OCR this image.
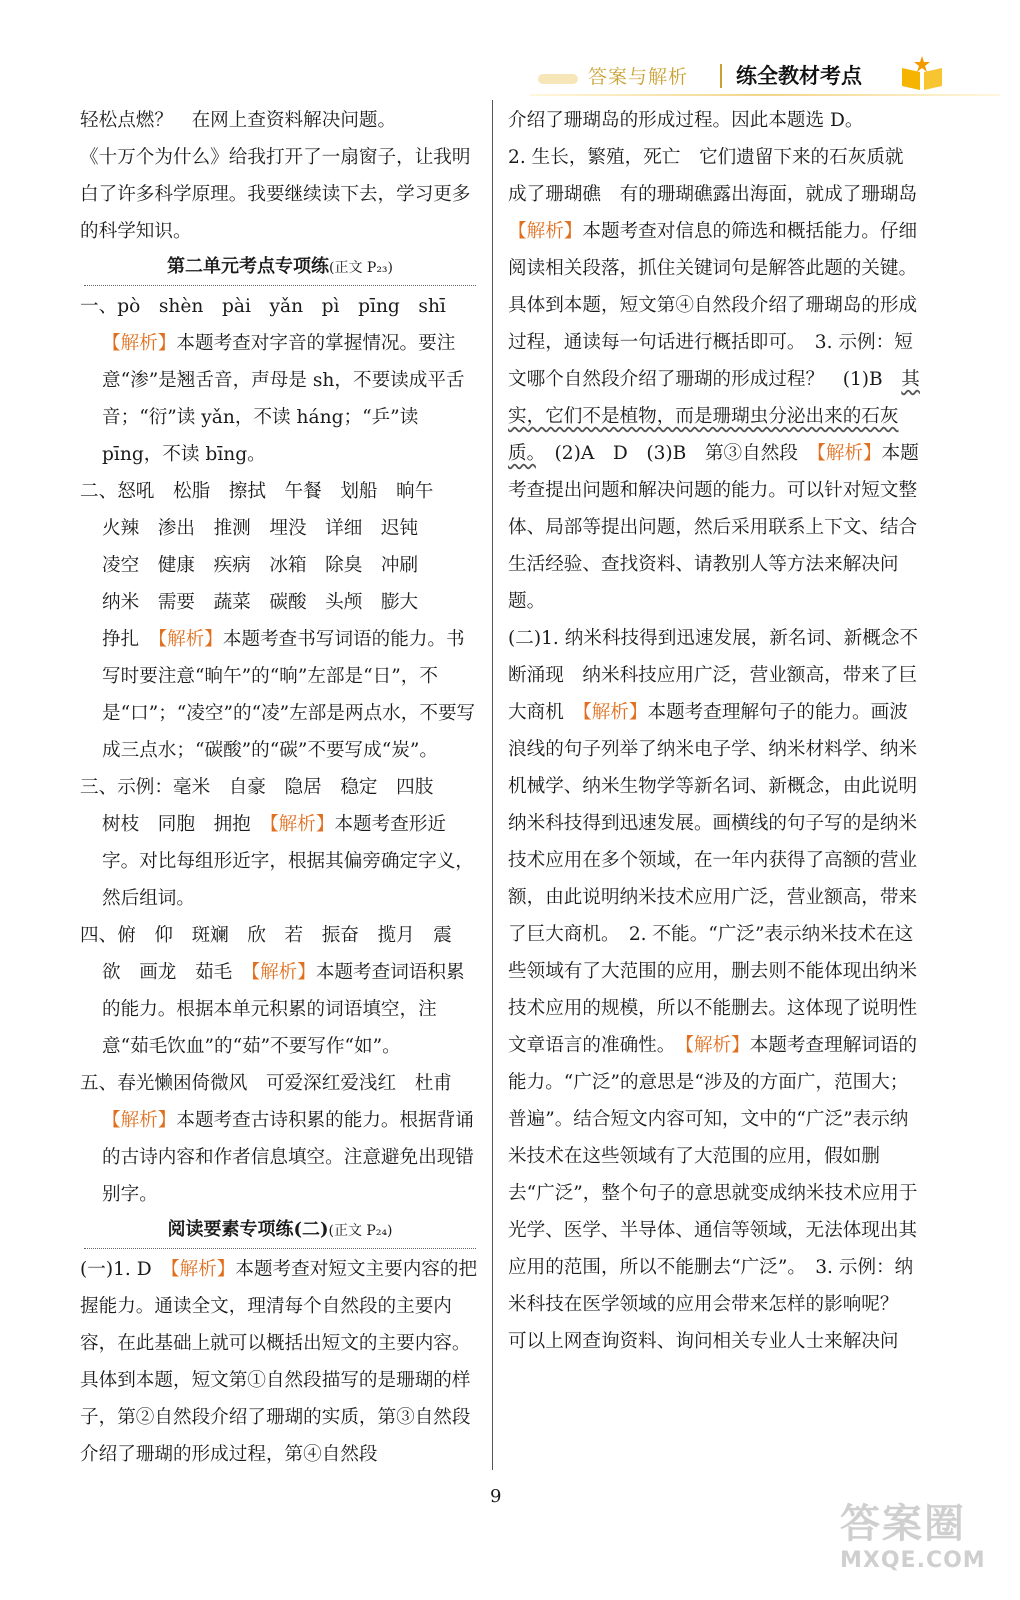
答案与解析 练全教材考点

轻松点燃？　在网上查资料解决问题。

《十万个为什么》给我打开了一扇窗子，让我明白了许多科学原理。我要继续读下去，学习更多的科学知识。

第二单元考点专项练(正文 P₂₃)

一、pò　shèn　pài　yǎn　pì　pīng　shī

【解析】本题考查对字音的掌握情况。要注意“渗”是翘舌音，声母是 sh，不要读成平舌音；“衍”读 yǎn，不读 háng；“乒”读 pīng，不读 bīng。

二、怒吼　松脂　擦拭　午餐　划船　晌午

火辣　渗出　推测　埋没　详细　迟钝

凌空　健康　疾病　冰箱　除臭　冲刷

纳米　需要　蔬菜　碳酸　头颅　膨大

挣扎　 【解析】本题考查书写词语的能力。书写时要注意“晌午”的“晌”左部是“日”，不是“口”；“凌空”的“凌”左部是两点水，不要写成三点水；“碳酸”的“碳”不要写成“炭”。

三、示例：毫米　自豪　隐居　稳定　四肢

树枝　同胞　拥抱　 【解析】本题考查形近字。对比每组形近字，根据其偏旁确定字义，然后组词。

四、俯　仰　斑斓　欣　若　振奋　揽月　震

欲　画龙　茹毛　 【解析】本题考查词语积累的能力。根据本单元积累的词语填空，注意“茹毛饮血”的“茹”不要写作“如”。

五、春光懒困倚微风　可爱深红爱浅红　杜甫

【解析】本题考查古诗积累的能力。根据背诵的古诗内容和作者信息填空。注意避免出现错别字。

阅读要素专项练(二)(正文 P₂₄)

(一)1. D　 【解析】本题考查对短文主要内容的把握能力。通读全文，理清每个自然段的主要内容，在此基础上就可以概括出短文的主要内容。具体到本题，短文第①自然段描写的是珊瑚的样子，第②自然段介绍了珊瑚的实质，第③自然段介绍了珊瑚的形成过程，第④自然段

介绍了珊瑚岛的形成过程。因此本题选 D。

2. 生长，繁殖，死亡　它们遗留下来的石灰质就成了珊瑚礁　有的珊瑚礁露出海面，就成了珊瑚岛　【解析】本题考查对信息的筛选和概括能力。仔细阅读相关段落，抓住关键词句是解答此题的关键。具体到本题，短文第④自然段介绍了珊瑚岛的形成过程，通读每一句话进行概括即可。　3. 示例：短文哪个自然段介绍了珊瑚的形成过程？　(1)B　其实，它们不是植物，而是珊瑚虫分泌出来的石灰质。　(2)A　D　(3)B　第③自然段　 【解析】本题考查提出问题和解决问题的能力。可以针对短文整体、局部等提出问题，然后采用联系上下文、结合生活经验、查找资料、请教别人等方法来解决问题。

(二)1. 纳米科技得到迅速发展，新名词、新概念不断涌现　纳米科技应用广泛，营业额高，带来了巨大商机　 【解析】本题考查理解句子的能力。画波浪线的句子列举了纳米电子学、纳米材料学、纳米机械学、纳米生物学等新名词、新概念，由此说明纳米科技得到迅速发展。画横线的句子写的是纳米技术应用在多个领域，在一年内获得了高额的营业额，由此说明纳米技术应用广泛，营业额高，带来了巨大商机。　2. 不能。“广泛”表示纳米技术在这些领域有了大范围的应用，删去则不能体现出纳米技术应用的规模，所以不能删去。这体现了说明性文章语言的准确性。　 【解析】本题考查理解词语的能力。“广泛”的意思是“涉及的方面广，范围大；普遍”。结合短文内容可知，文中的“广泛”表示纳米技术在这些领域有了大范围的应用，假如删去“广泛”，整个句子的意思就变成纳米技术应用于光学、医学、半导体、通信等领域，无法体现出其应用的范围，所以不能删去“广泛”。　3. 示例：纳米科技在医学领域的应用会带来怎样的影响呢？　可以上网查询资料、询问相关专业人士来解决问

9
答案圈
MXQE.COM
